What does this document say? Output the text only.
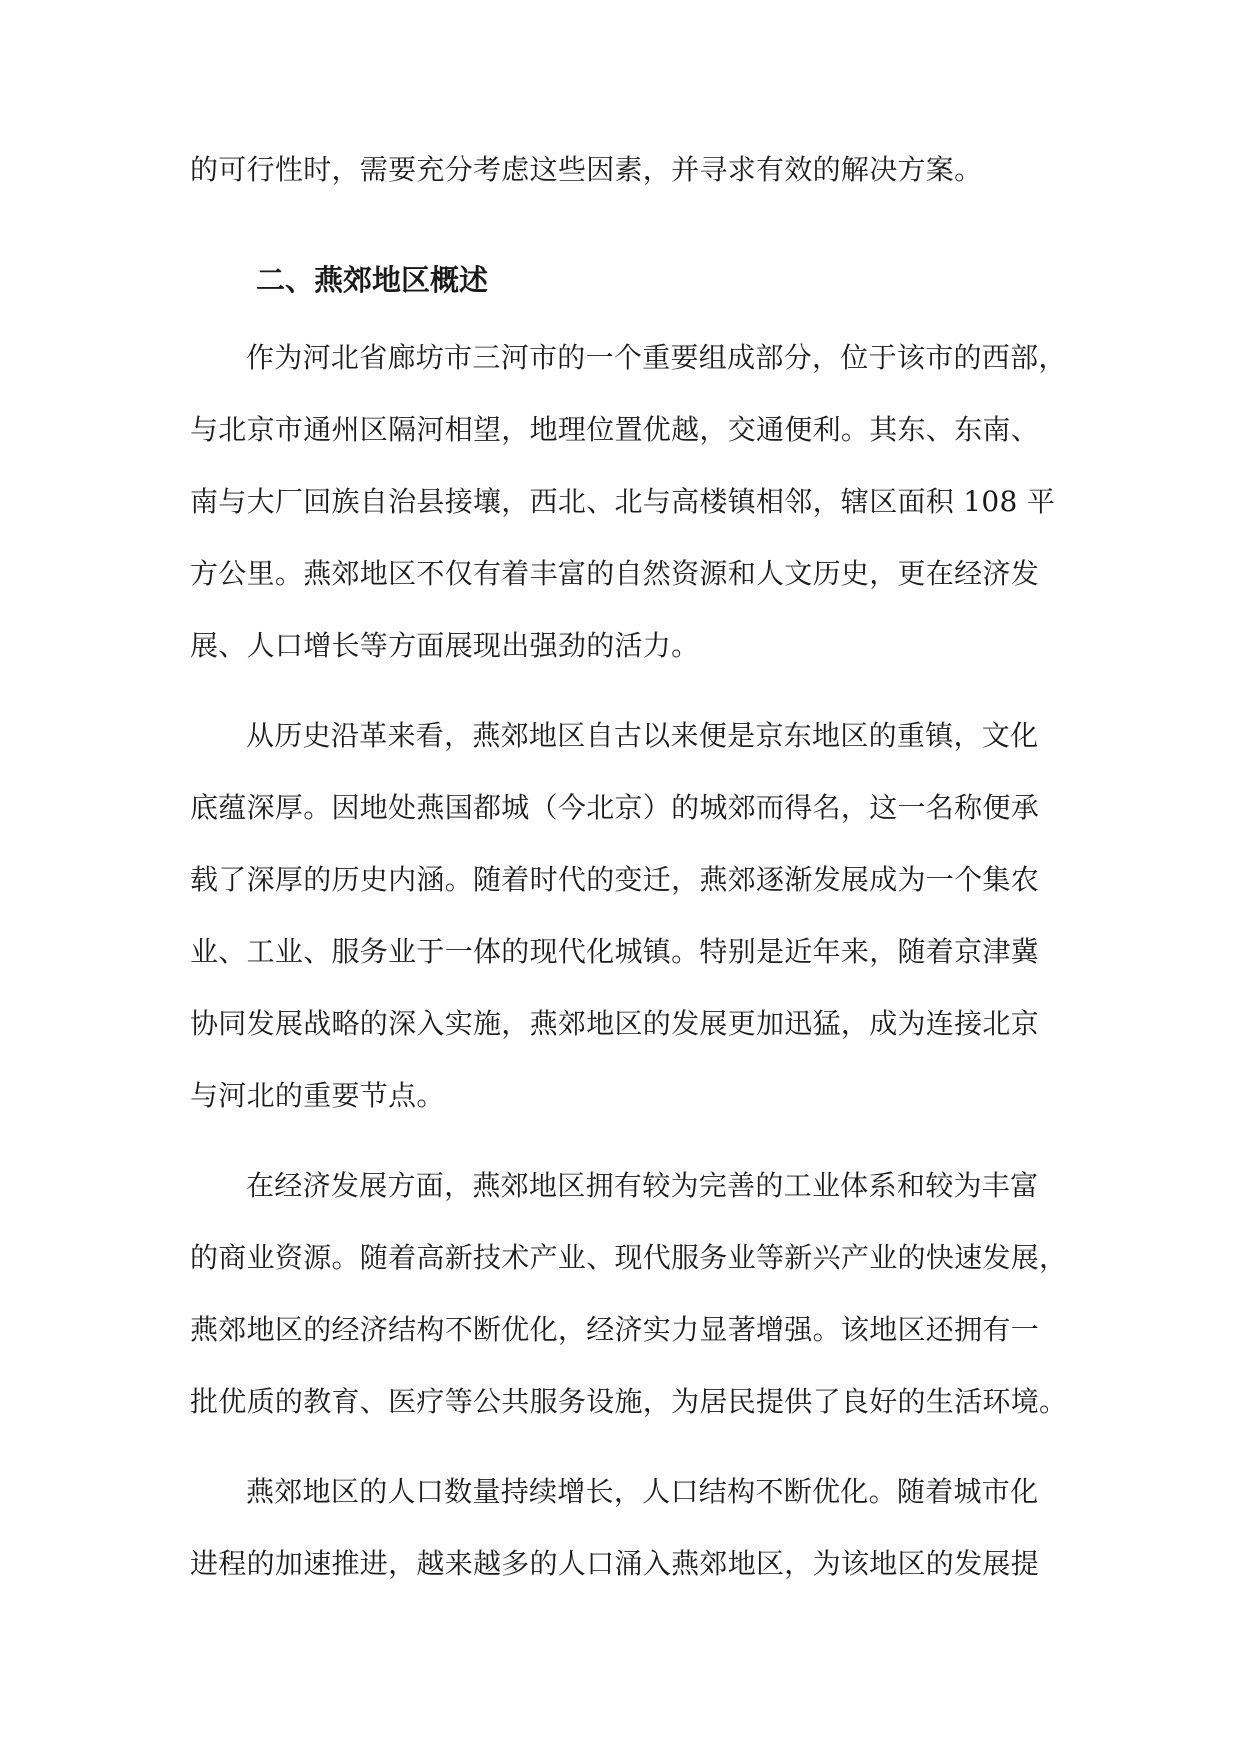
的可行性时，需要充分考虑这些因素，并寻求有效的解决方案。
二、燕郊地区概述
作为河北省廊坊市三河市的一个重要组成部分，位于该市的西部，
与北京市通州区隔河相望，地理位置优越，交通便利。其东、东南、
南与大厂回族自治县接壤，西北、北与高楼镇相邻，辖区面积 108 平
方公里。燕郊地区不仅有着丰富的自然资源和人文历史，更在经济发
展、人口增长等方面展现出强劲的活力。
从历史沿革来看，燕郊地区自古以来便是京东地区的重镇，文化
底蕴深厚。因地处燕国都城（今北京）的城郊而得名，这一名称便承
载了深厚的历史内涵。随着时代的变迁，燕郊逐渐发展成为一个集农
业、工业、服务业于一体的现代化城镇。特别是近年来，随着京津冀
协同发展战略的深入实施，燕郊地区的发展更加迅猛，成为连接北京
与河北的重要节点。
在经济发展方面，燕郊地区拥有较为完善的工业体系和较为丰富
的商业资源。随着高新技术产业、现代服务业等新兴产业的快速发展，
燕郊地区的经济结构不断优化，经济实力显著增强。该地区还拥有一
批优质的教育、医疗等公共服务设施，为居民提供了良好的生活环境。
燕郊地区的人口数量持续增长，人口结构不断优化。随着城市化
进程的加速推进，越来越多的人口涌入燕郊地区，为该地区的发展提
